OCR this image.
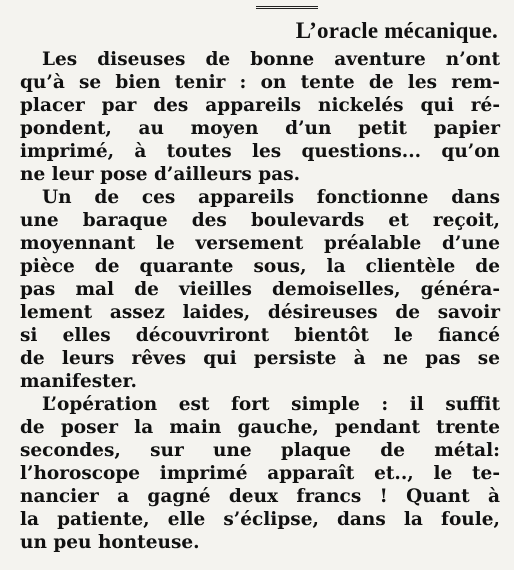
L’oracle mécanique.
Les diseuses de bonne aventure n’ont
qu’à se bien tenir : on tente de les rem-
placer par des appareils nickelés qui ré-
pondent, au moyen d’un petit papier
imprimé, à toutes les questions... qu’on
ne leur pose d’ailleurs pas.
Un de ces appareils fonctionne dans
une baraque des boulevards et reçoit,
moyennant le versement préalable d’une
pièce de quarante sous, la clientèle de
pas mal de vieilles demoiselles, généra-
lement assez laides, désireuses de savoir
si elles découvriront bientôt le fiancé
de leurs rêves qui persiste à ne pas se
manifester.
L’opération est fort simple : il suffit
de poser la main gauche, pendant trente
secondes, sur une plaque de métal:
l’horoscope imprimé apparaît et.., le te-
nancier a gagné deux francs ! Quant à
la patiente, elle s’éclipse, dans la foule,
un peu honteuse.
